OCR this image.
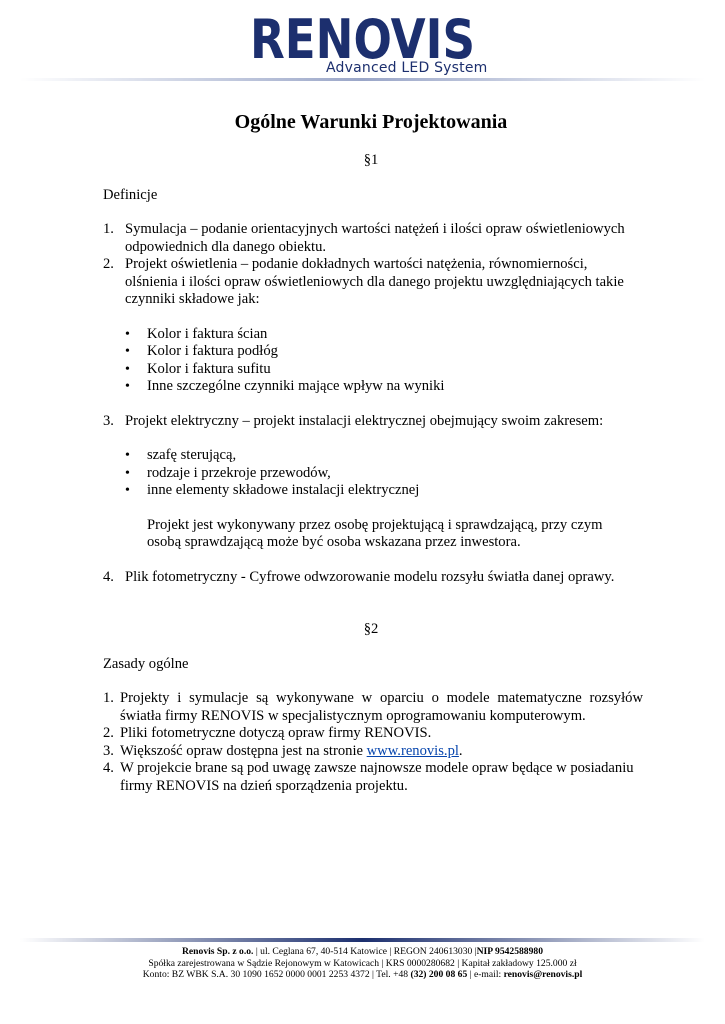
RENOVIS
Advanced LED System
Ogólne Warunki Projektowania
§1
Definicje
1. Symulacja – podanie orientacyjnych wartości natężeń i ilości opraw oświetleniowych odpowiednich dla danego obiektu.
2. Projekt oświetlenia – podanie dokładnych wartości natężenia, równomierności, olśnienia i ilości opraw oświetleniowych dla danego projektu uwzględniających takie czynniki składowe jak:
• Kolor i faktura ścian
• Kolor i faktura podłóg
• Kolor i faktura sufitu
• Inne szczególne czynniki mające wpływ na wyniki
3. Projekt elektryczny – projekt instalacji elektrycznej obejmujący swoim zakresem:
• szafę sterującą,
• rodzaje i przekroje przewodów,
• inne elementy składowe instalacji elektrycznej
Projekt jest wykonywany przez osobę projektującą i sprawdzającą, przy czym osobą sprawdzającą może być osoba wskazana przez inwestora.
4. Plik fotometryczny - Cyfrowe odwzorowanie modelu rozsyłu światła danej oprawy.
§2
Zasady ogólne
1. Projekty i symulacje są wykonywane w oparciu o modele matematyczne rozsyłów światła firmy RENOVIS w specjalistycznym oprogramowaniu komputerowym.
2. Pliki fotometryczne dotyczą opraw firmy RENOVIS.
3. Większość opraw dostępna jest na stronie www.renovis.pl.
4. W projekcie brane są pod uwagę zawsze najnowsze modele opraw będące w posiadaniu firmy RENOVIS na dzień sporządzenia projektu.
Renovis Sp. z o.o. | ul. Ceglana 67, 40-514 Katowice | REGON 240613030 |NIP 9542588980
Spółka zarejestrowana w Sądzie Rejonowym w Katowicach | KRS 0000280682 | Kapitał zakładowy 125.000 zł
Konto: BZ WBK S.A. 30 1090 1652 0000 0001 2253 4372 | Tel. +48 (32) 200 08 65 | e-mail: renovis@renovis.pl
